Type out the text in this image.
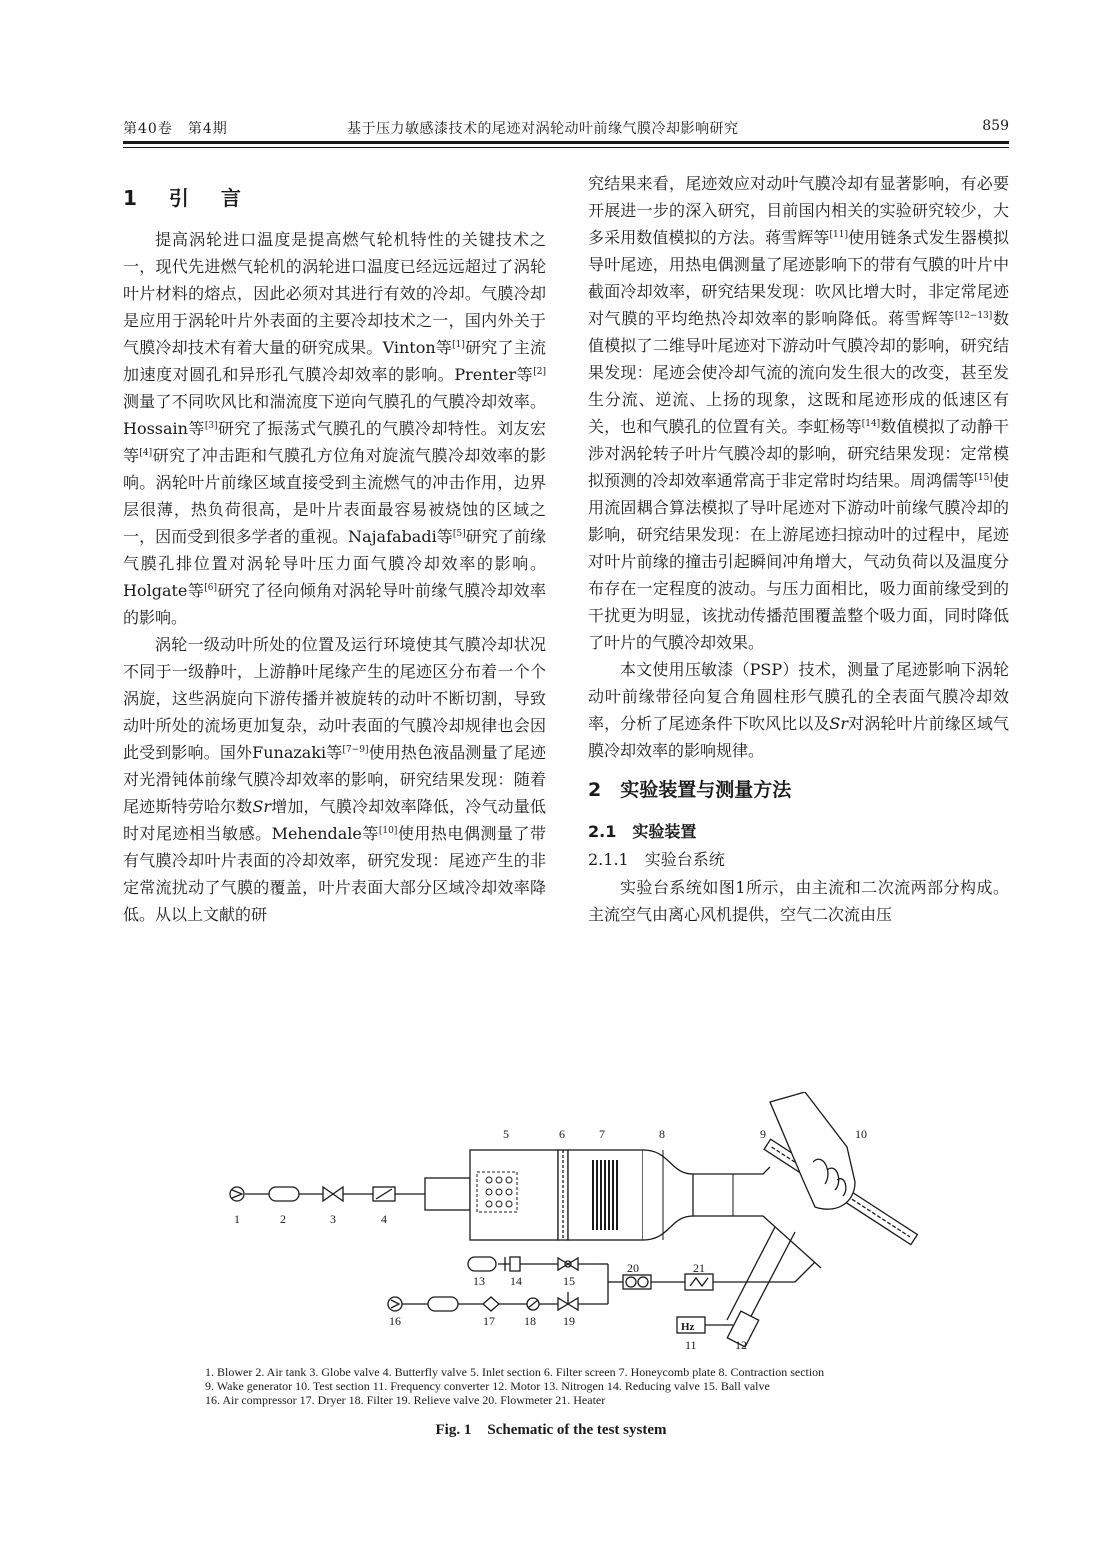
第40卷　第4期	基于压力敏感漆技术的尾迹对涡轮动叶前缘气膜冷却影响研究	859
1　引　言

提高涡轮进口温度是提高燃气轮机特性的关键技术之一，现代先进燃气轮机的涡轮进口温度已经远远超过了涡轮叶片材料的熔点，因此必须对其进行有效的冷却。气膜冷却是应用于涡轮叶片外表面的主要冷却技术之一，国内外关于气膜冷却技术有着大量的研究成果。Vinton等[1]研究了主流加速度对圆孔和异形孔气膜冷却效率的影响。Prenter等[2]测量了不同吹风比和湍流度下逆向气膜孔的气膜冷却效率。Hossain等[3]研究了振荡式气膜孔的气膜冷却特性。刘友宏等[4]研究了冲击距和气膜孔方位角对旋流气膜冷却效率的影响。涡轮叶片前缘区域直接受到主流燃气的冲击作用，边界层很薄，热负荷很高，是叶片表面最容易被烧蚀的区域之一，因而受到很多学者的重视。Najafabadi等[5]研究了前缘气膜孔排位置对涡轮导叶压力面气膜冷却效率的影响。Holgate等[6]研究了径向倾角对涡轮导叶前缘气膜冷却效率的影响。

涡轮一级动叶所处的位置及运行环境使其气膜冷却状况不同于一级静叶，上游静叶尾缘产生的尾迹区分布着一个个涡旋，这些涡旋向下游传播并被旋转的动叶不断切割，导致动叶所处的流场更加复杂，动叶表面的气膜冷却规律也会因此受到影响。国外Funazaki等[7−9]使用热色液晶测量了尾迹对光滑钝体前缘气膜冷却效率的影响，研究结果发现：随着尾迹斯特劳哈尔数Sr增加，气膜冷却效率降低，冷气动量低时对尾迹相当敏感。Mehendale等[10]使用热电偶测量了带有气膜冷却叶片表面的冷却效率，研究发现：尾迹产生的非定常流扰动了气膜的覆盖，叶片表面大部分区域冷却效率降低。从以上文献的研

究结果来看，尾迹效应对动叶气膜冷却有显著影响，有必要开展进一步的深入研究，目前国内相关的实验研究较少，大多采用数值模拟的方法。蒋雪辉等[11]使用链条式发生器模拟导叶尾迹，用热电偶测量了尾迹影响下的带有气膜的叶片中截面冷却效率，研究结果发现：吹风比增大时，非定常尾迹对气膜的平均绝热冷却效率的影响降低。蒋雪辉等[12−13]数值模拟了二维导叶尾迹对下游动叶气膜冷却的影响，研究结果发现：尾迹会使冷却气流的流向发生很大的改变，甚至发生分流、逆流、上扬的现象，这既和尾迹形成的低速区有关，也和气膜孔的位置有关。李虹杨等[14]数值模拟了动静干涉对涡轮转子叶片气膜冷却的影响，研究结果发现：定常模拟预测的冷却效率通常高于非定常时均结果。周鸿儒等[15]使用流固耦合算法模拟了导叶尾迹对下游动叶前缘气膜冷却的影响，研究结果发现：在上游尾迹扫掠动叶的过程中，尾迹对叶片前缘的撞击引起瞬间冲角增大，气动负荷以及温度分布存在一定程度的波动。与压力面相比，吸力面前缘受到的干扰更为明显，该扰动传播范围覆盖整个吸力面，同时降低了叶片的气膜冷却效果。

本文使用压敏漆（PSP）技术，测量了尾迹影响下涡轮动叶前缘带径向复合角圆柱形气膜孔的全表面气膜冷却效率，分析了尾迹条件下吹风比以及Sr对涡轮叶片前缘区域气膜冷却效率的影响规律。

2　实验装置与测量方法
2.1　实验装置
2.1.1　实验台系统

实验台系统如图1所示，由主流和二次流两部分构成。主流空气由离心风机提供，空气二次流由压

1	2	3	4
5	6	7	8	9	10
11	12
13 14	15
16	17 18 19
20	21
Hz
1. Blower 2. Air tank 3. Globe valve 4. Butterfly valve 5. Inlet section 6. Filter screen 7. Honeycomb plate 8. Contraction section
9. Wake generator 10. Test section 11. Frequency converter 12. Motor 13. Nitrogen 14. Reducing valve 15. Ball valve
16. Air compressor 17. Dryer 18. Filter 19. Relieve valve 20. Flowmeter 21. Heater
Fig. 1 Schematic of the test system
